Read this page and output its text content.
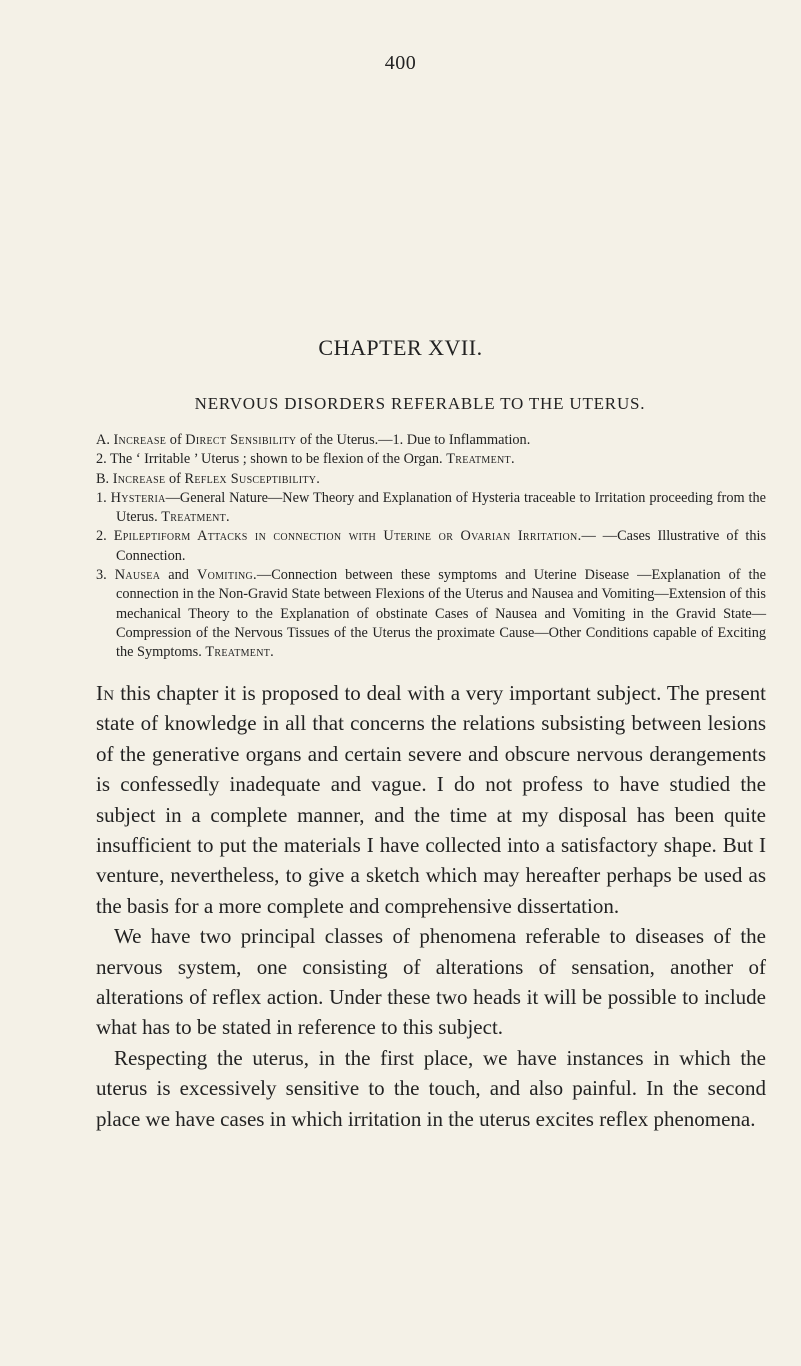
400
CHAPTER XVII.
NERVOUS DISORDERS REFERABLE TO THE UTERUS.

A. Increase of Direct Sensibility of the Uterus.—1. Due to Inflammation.

2. The ‘ Irritable ’ Uterus ; shown to be flexion of the Organ. Treatment.

B. Increase of Reflex Susceptibility.

1. Hysteria—General Nature—New Theory and Explanation of Hysteria traceable to Irritation proceeding from the Uterus. Treatment.

2. Epileptiform Attacks in connection with Uterine or Ovarian Irritation.— —Cases Illustrative of this Connection.

3. Nausea and Vomiting.—Connection between these symptoms and Uterine Disease —Explanation of the connection in the Non-Gravid State between Flexions of the Uterus and Nausea and Vomiting—Extension of this mechanical Theory to the Explanation of obstinate Cases of Nausea and Vomiting in the Gravid State—Compression of the Nervous Tissues of the Uterus the proximate Cause—Other Conditions capable of Exciting the Symptoms. Treatment.

In this chapter it is proposed to deal with a very important subject. The present state of knowledge in all that concerns the relations subsisting between lesions of the generative organs and certain severe and obscure nervous derangements is confessedly inadequate and vague. I do not profess to have studied the subject in a complete manner, and the time at my disposal has been quite insufficient to put the materials I have collected into a satisfactory shape. But I venture, nevertheless, to give a sketch which may hereafter perhaps be used as the basis for a more complete and comprehensive dissertation.

We have two principal classes of phenomena referable to diseases of the nervous system, one consisting of alterations of sensation, another of alterations of reflex action. Under these two heads it will be possible to include what has to be stated in reference to this subject.

Respecting the uterus, in the first place, we have instances in which the uterus is excessively sensitive to the touch, and also painful. In the second place we have cases in which irritation in the uterus excites reflex phenomena.
